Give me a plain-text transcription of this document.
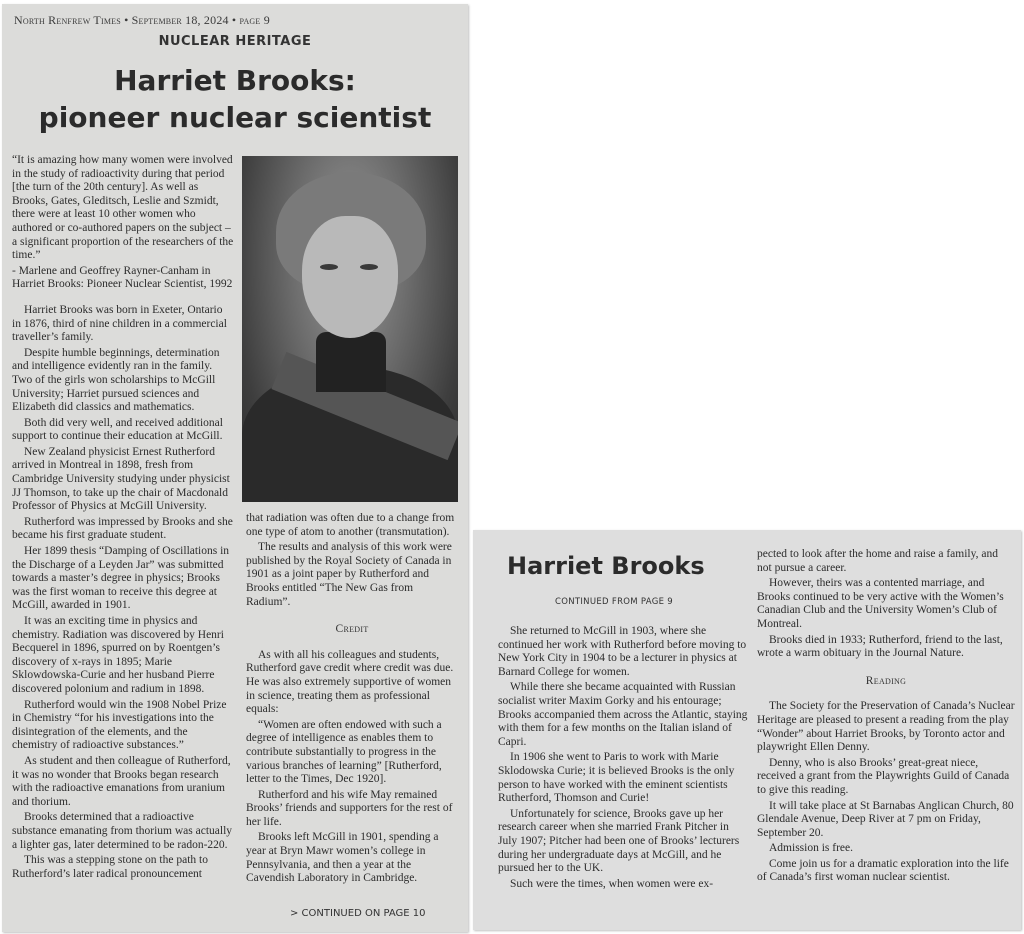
North Renfrew Times • September 18, 2024 • page 9
NUCLEAR HERITAGE
Harriet Brooks:
pioneer nuclear scientist

“It is amazing how many women were involved in the study of radioactivity during that period [the turn of the 20th century]. As well as Brooks, Gates, Gleditsch, Leslie and Szmidt, there were at least 10 other women who authored or co-authored papers on the subject – a significant proportion of the researchers of the time.”

- Marlene and Geoffrey Rayner-Canham in Harriet Brooks: Pioneer Nuclear Scientist, 1992

Harriet Brooks was born in Exeter, Ontario in 1876, third of nine children in a commercial traveller’s family.

Despite humble beginnings, determination and intelligence evidently ran in the family. Two of the girls won scholarships to McGill University; Harriet pursued sciences and Elizabeth did classics and mathematics.

Both did very well, and received additional support to continue their education at McGill.

New Zealand physicist Ernest Rutherford arrived in Montreal in 1898, fresh from Cambridge University studying under physicist JJ Thomson, to take up the chair of Macdonald Professor of Physics at McGill University.

Rutherford was impressed by Brooks and she became his first graduate student.

Her 1899 thesis “Damping of Oscillations in the Discharge of a Leyden Jar” was submitted towards a master’s degree in physics; Brooks was the first woman to receive this degree at McGill, awarded in 1901.

It was an exciting time in physics and chemistry. Radiation was discovered by Henri Becquerel in 1896, spurred on by Roentgen’s discovery of x-rays in 1895; Marie Sklowdowska-Curie and her husband Pierre discovered polonium and radium in 1898.

Rutherford would win the 1908 Nobel Prize in Chemistry “for his investigations into the disintegration of the elements, and the chemistry of radioactive substances.”

As student and then colleague of Rutherford, it was no wonder that Brooks began research with the radioactive emanations from uranium and thorium.

Brooks determined that a radioactive substance emanating from thorium was actually a lighter gas, later determined to be radon-220.

This was a stepping stone on the path to Rutherford’s later radical pronouncement

that radiation was often due to a change from one type of atom to another (transmutation).

The results and analysis of this work were published by the Royal Society of Canada in 1901 as a joint paper by Rutherford and Brooks entitled “The New Gas from Radium”.

Credit

As with all his colleagues and students, Rutherford gave credit where credit was due. He was also extremely supportive of women in science, treating them as professional equals:

“Women are often endowed with such a degree of intelligence as enables them to contribute substantially to progress in the various branches of learning” [Rutherford, letter to the Times, Dec 1920].

Rutherford and his wife May remained Brooks’ friends and supporters for the rest of her life.

Brooks left McGill in 1901, spending a year at Bryn Mawr women’s college in Pennsylvania, and then a year at the Cavendish Laboratory in Cambridge.

> CONTINUED ON PAGE 10
Harriet Brooks
CONTINUED FROM PAGE 9

She returned to McGill in 1903, where she continued her work with Rutherford before moving to New York City in 1904 to be a lecturer in physics at Barnard College for women.

While there she became acquainted with Russian socialist writer Maxim Gorky and his entourage; Brooks accompanied them across the Atlantic, staying with them for a few months on the Italian island of Capri.

In 1906 she went to Paris to work with Marie Sklodowska Curie; it is believed Brooks is the only person to have worked with the eminent scientists Rutherford, Thomson and Curie!

Unfortunately for science, Brooks gave up her research career when she married Frank Pitcher in July 1907; Pitcher had been one of Brooks’ lecturers during her undergraduate days at McGill, and he pursued her to the UK.

Such were the times, when women were ex-

pected to look after the home and raise a family, and not pursue a career.

However, theirs was a contented marriage, and Brooks continued to be very active with the Women’s Canadian Club and the University Women’s Club of Montreal.

Brooks died in 1933; Rutherford, friend to the last, wrote a warm obituary in the Journal Nature.

Reading

The Society for the Preservation of Canada’s Nuclear Heritage are pleased to present a reading from the play “Wonder” about Harriet Brooks, by Toronto actor and playwright Ellen Denny.

Denny, who is also Brooks’ great-great niece, received a grant from the Playwrights Guild of Canada to give this reading.

It will take place at St Barnabas Anglican Church, 80 Glendale Avenue, Deep River at 7 pm on Friday, September 20.

Admission is free.

Come join us for a dramatic exploration into the life of Canada’s first woman nuclear scientist.
